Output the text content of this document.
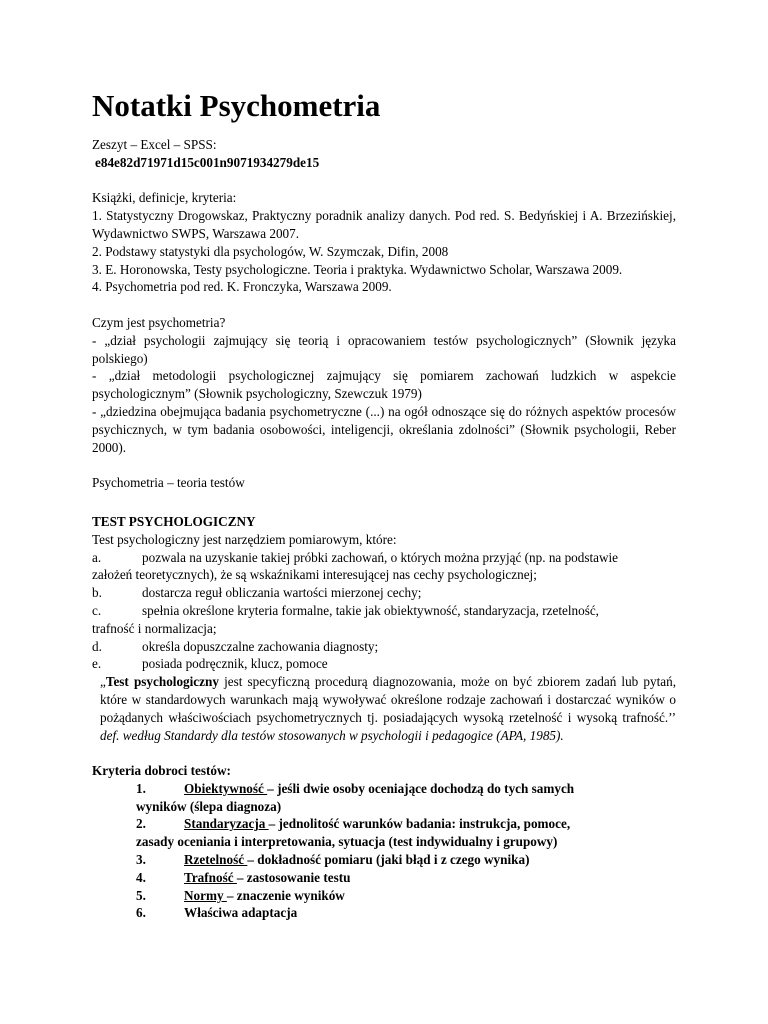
Notatki Psychometria
Zeszyt – Excel – SPSS:
e84e82d71971d15c001n9071934279de15
Książki, definicje, kryteria:
1. Statystyczny Drogowskaz, Praktyczny poradnik analizy danych. Pod red. S. Bedyńskiej i A. Brzezińskiej, Wydawnictwo SWPS, Warszawa 2007.
2. Podstawy statystyki dla psychologów, W. Szymczak, Difin, 2008
3. E. Horonowska, Testy psychologiczne. Teoria i praktyka. Wydawnictwo Scholar, Warszawa 2009.
4. Psychometria pod red. K. Fronczyka, Warszawa 2009.
Czym jest psychometria?
- „dział psychologii zajmujący się teorią i opracowaniem testów psychologicznych” (Słownik języka polskiego)
- „dział metodologii psychologicznej zajmujący się pomiarem zachowań ludzkich w aspekcie psychologicznym” (Słownik psychologiczny, Szewczuk 1979)
- „dziedzina obejmująca badania psychometryczne (...) na ogół odnoszące się do różnych aspektów procesów psychicznych, w tym badania osobowości, inteligencji, określania zdolności” (Słownik psychologii, Reber 2000).
Psychometria – teoria testów
TEST PSYCHOLOGICZNY
Test psychologiczny jest narzędziem pomiarowym, które:
a.	pozwala na uzyskanie takiej próbki zachowań, o których można przyjąć (np. na podstawie
założeń teoretycznych), że są wskaźnikami interesującej nas cechy psychologicznej;
b.	dostarcza reguł obliczania wartości mierzonej cechy;
c.	spełnia określone kryteria formalne, takie jak obiektywność, standaryzacja, rzetelność,
trafność i normalizacja;
d.	określa dopuszczalne zachowania diagnosty;
e.	posiada podręcznik, klucz, pomoce
„Test psychologiczny jest specyficzną procedurą diagnozowania, może on być zbiorem zadań lub pytań, które w standardowych warunkach mają wywoływać określone rodzaje zachowań i dostarczać wyników o pożądanych właściwościach psychometrycznych tj. posiadających wysoką rzetelność i wysoką trafność.’’ def. według Standardy dla testów stosowanych w psychologii i pedagogice (APA, 1985).
Kryteria dobroci testów:
1.	Obiektywność – jeśli dwie osoby oceniające dochodzą do tych samych
wyników (ślepa diagnoza)
2.	Standaryzacja – jednolitość warunków badania: instrukcja, pomoce,
zasady oceniania i interpretowania, sytuacja (test indywidualny i grupowy)
3.	Rzetelność – dokładność pomiaru (jaki błąd i z czego wynika)
4.	Trafność – zastosowanie testu
5.	Normy – znaczenie wyników
6.	Właściwa adaptacja
